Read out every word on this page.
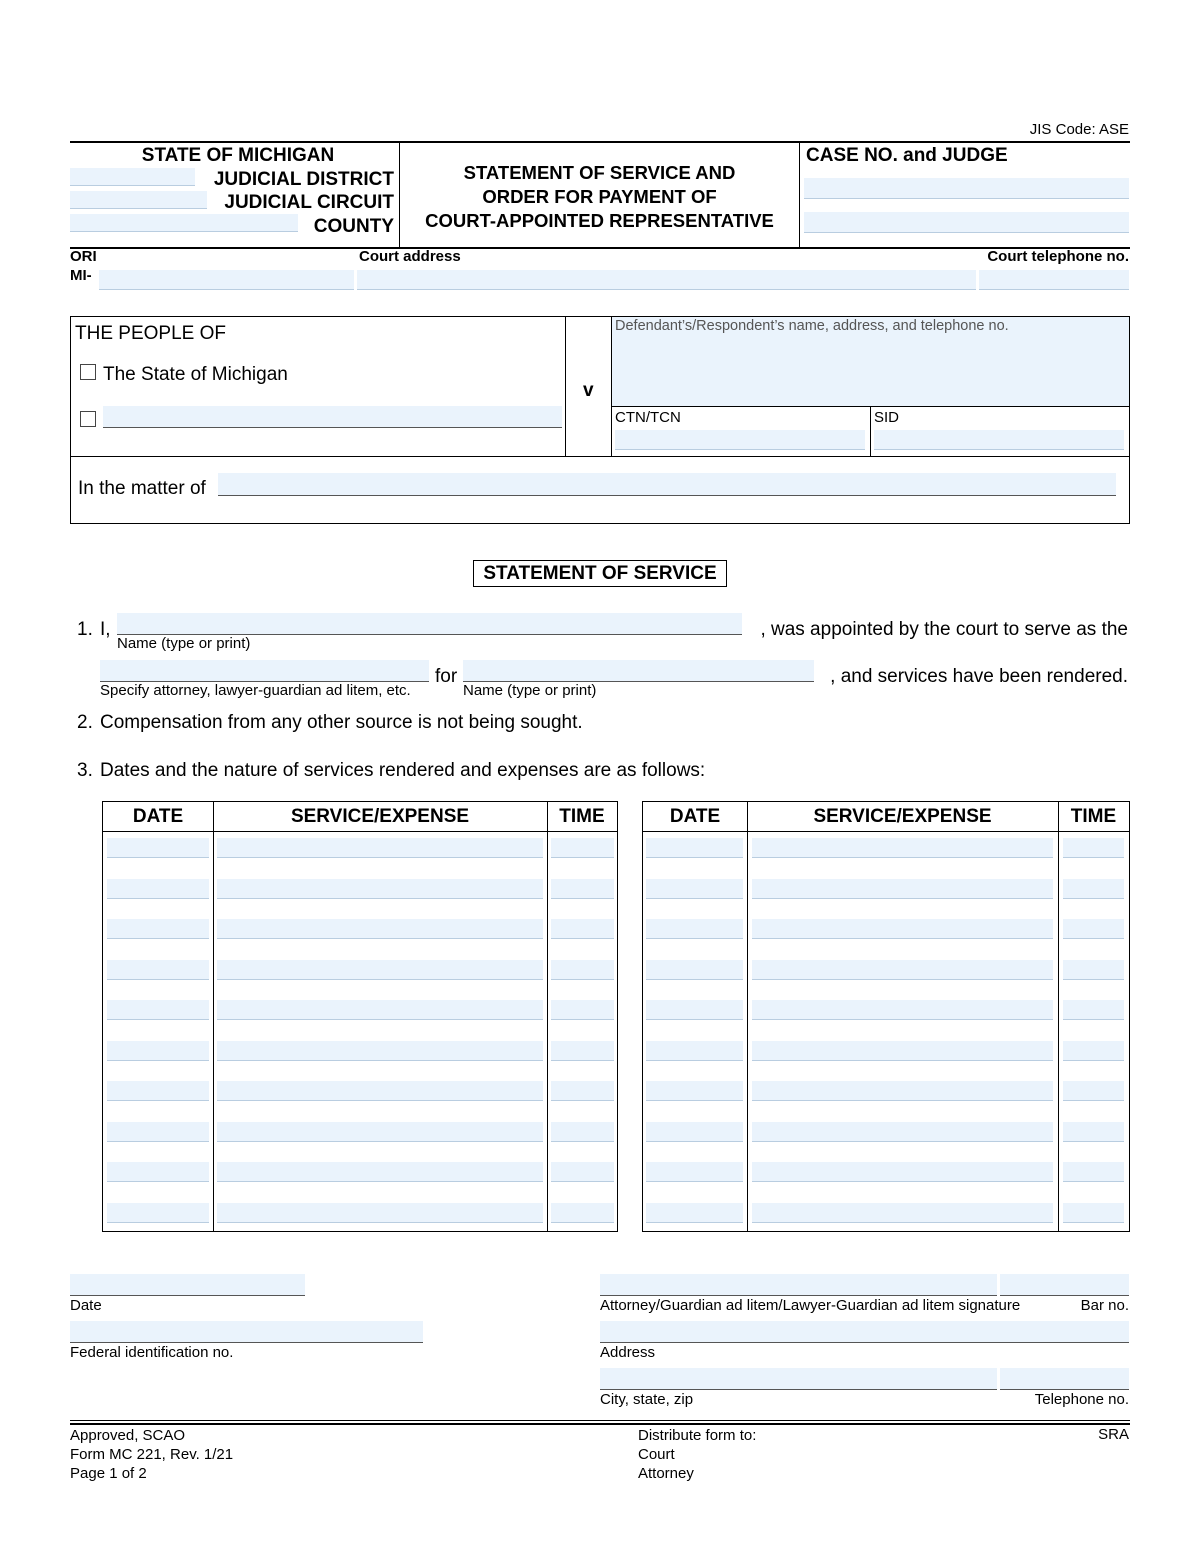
JIS Code: ASE
STATE OF MICHIGAN
JUDICIAL DISTRICT
JUDICIAL CIRCUIT
COUNTY
STATEMENT OF SERVICE AND
ORDER FOR PAYMENT OF
COURT-APPOINTED REPRESENTATIVE
CASE NO. and JUDGE
ORI
MI-
Court address	Court telephone no.
THE PEOPLE OF
The State of Michigan
v
Defendant’s/Respondent’s name, address, and telephone no.
CTN/TCN	SID
In the matter of
STATEMENT OF SERVICE
1. I,
Name (type or print)
, was appointed by the court to serve as the
Specify attorney, lawyer-guardian ad litem, etc.
for
Name (type or print)
, and services have been rendered.
2. Compensation from any other source is not being sought.
3. Dates and the nature of services rendered and expenses are as follows:
DATE	SERVICE/EXPENSE	TIME	DATE	SERVICE/EXPENSE	TIME
Date
Federal identification no.
Attorney/Guardian ad litem/Lawyer-Guardian ad litem signature	Bar no.
Address
City, state, zip	Telephone no.
Approved, SCAO
Form MC 221, Rev. 1/21
Page 1 of 2
Distribute form to:
Court
Attorney
SRA
